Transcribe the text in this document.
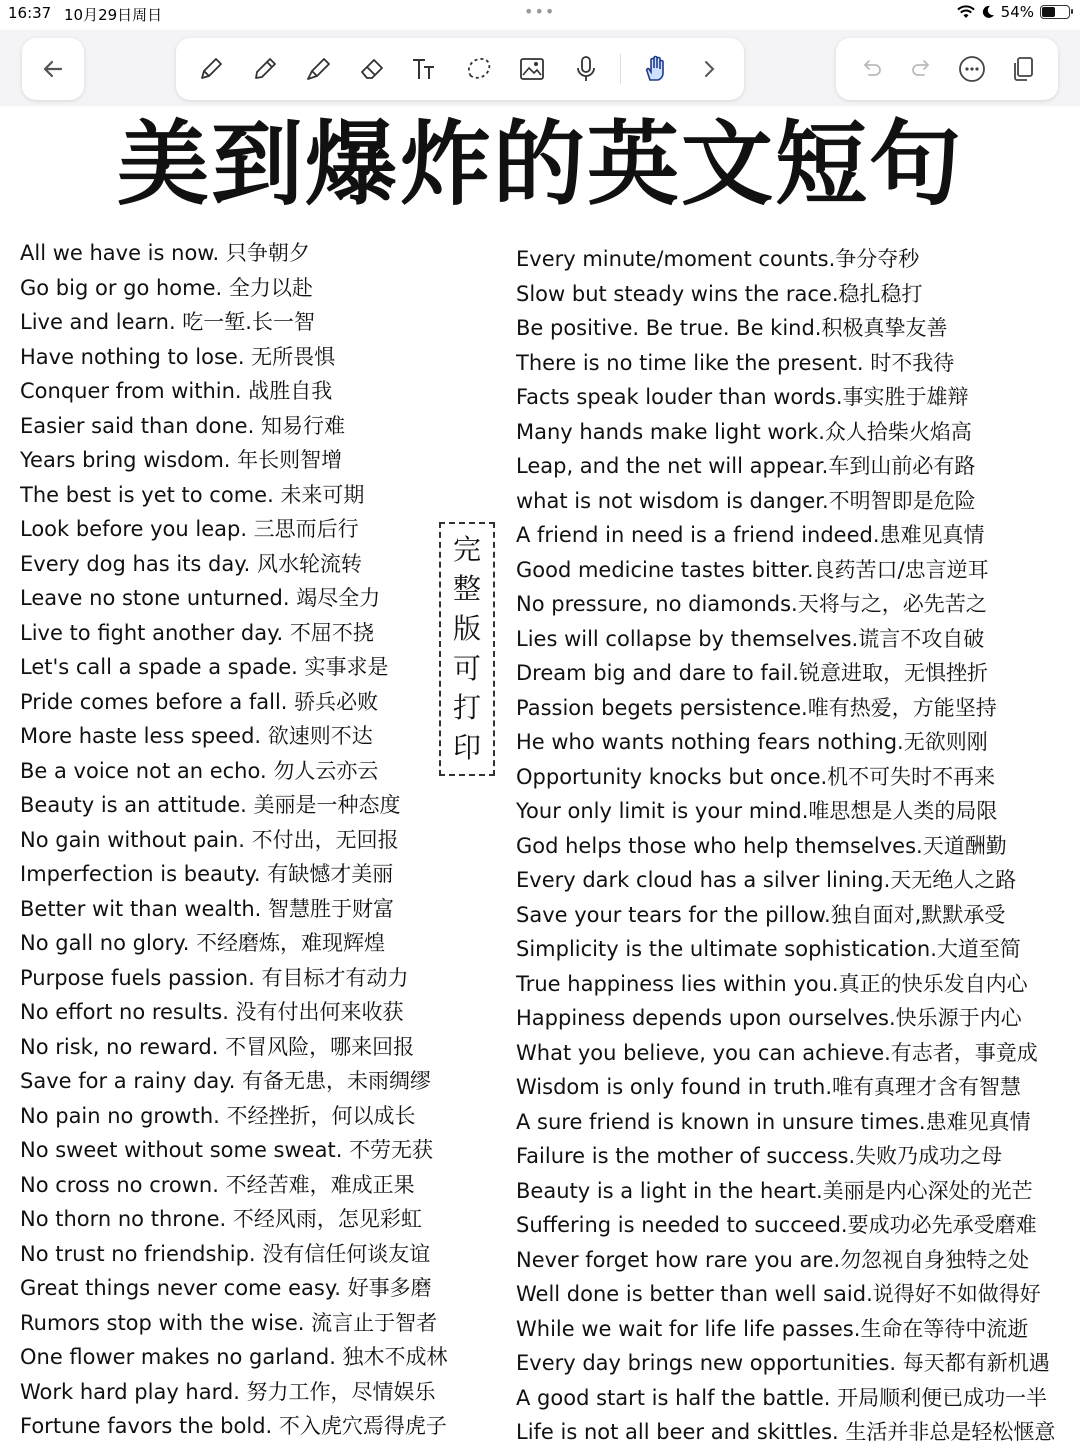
16:37 10月29日周日	•••	54%
美到爆炸的英文短句
All we have is now. 只争朝夕
Go big or go home. 全力以赴
Live and learn. 吃一堑.长一智
Have nothing to lose. 无所畏惧
Conquer from within. 战胜自我
Easier said than done. 知易行难
Years bring wisdom. 年长则智增
The best is yet to come. 未来可期
Look before you leap. 三思而后行
Every dog has its day. 风水轮流转
Leave no stone unturned. 竭尽全力
Live to fight another day. 不屈不挠
Let's call a spade a spade. 实事求是
Pride comes before a fall. 骄兵必败
More haste less speed. 欲速则不达
Be a voice not an echo. 勿人云亦云
Beauty is an attitude. 美丽是一种态度
No gain without pain. 不付出，无回报
Imperfection is beauty. 有缺憾才美丽
Better wit than wealth. 智慧胜于财富
No gall no glory. 不经磨炼，难现辉煌
Purpose fuels passion. 有目标才有动力
No effort no results. 没有付出何来收获
No risk, no reward. 不冒风险，哪来回报
Save for a rainy day. 有备无患，未雨绸缪
No pain no growth. 不经挫折，何以成长
No sweet without some sweat. 不劳无获
No cross no crown. 不经苦难，难成正果
No thorn no throne. 不经风雨，怎见彩虹
No trust no friendship. 没有信任何谈友谊
Great things never come easy. 好事多磨
Rumors stop with the wise. 流言止于智者
One flower makes no garland. 独木不成林
Work hard play hard. 努力工作，尽情娱乐
Fortune favors the bold. 不入虎穴焉得虎子
完
整
版
可
打
印
Every minute/moment counts.争分夺秒
Slow but steady wins the race.稳扎稳打
Be positive. Be true. Be kind.积极真挚友善
There is no time like the present. 时不我待
Facts speak louder than words.事实胜于雄辩
Many hands make light work.众人拾柴火焰高
Leap, and the net will appear.车到山前必有路
what is not wisdom is danger.不明智即是危险
A friend in need is a friend indeed.患难见真情
Good medicine tastes bitter.良药苦口/忠言逆耳
No pressure, no diamonds.天将与之，必先苦之
Lies will collapse by themselves.谎言不攻自破
Dream big and dare to fail.锐意进取，无惧挫折
Passion begets persistence.唯有热爱，方能坚持
He who wants nothing fears nothing.无欲则刚
Opportunity knocks but once.机不可失时不再来
Your only limit is your mind.唯思想是人类的局限
God helps those who help themselves.天道酬勤
Every dark cloud has a silver lining.天无绝人之路
Save your tears for the pillow.独自面对,默默承受
Simplicity is the ultimate sophistication.大道至简
True happiness lies within you.真正的快乐发自内心
Happiness depends upon ourselves.快乐源于内心
What you believe, you can achieve.有志者，事竟成
Wisdom is only found in truth.唯有真理才含有智慧
A sure friend is known in unsure times.患难见真情
Failure is the mother of success.失败乃成功之母
Beauty is a light in the heart.美丽是内心深处的光芒
Suffering is needed to succeed.要成功必先承受磨难
Never forget how rare you are.勿忽视自身独特之处
Well done is better than well said.说得好不如做得好
While we wait for life life passes.生命在等待中流逝
Every day brings new opportunities. 每天都有新机遇
A good start is half the battle. 开局顺利便已成功一半
Life is not all beer and skittles. 生活并非总是轻松惬意
